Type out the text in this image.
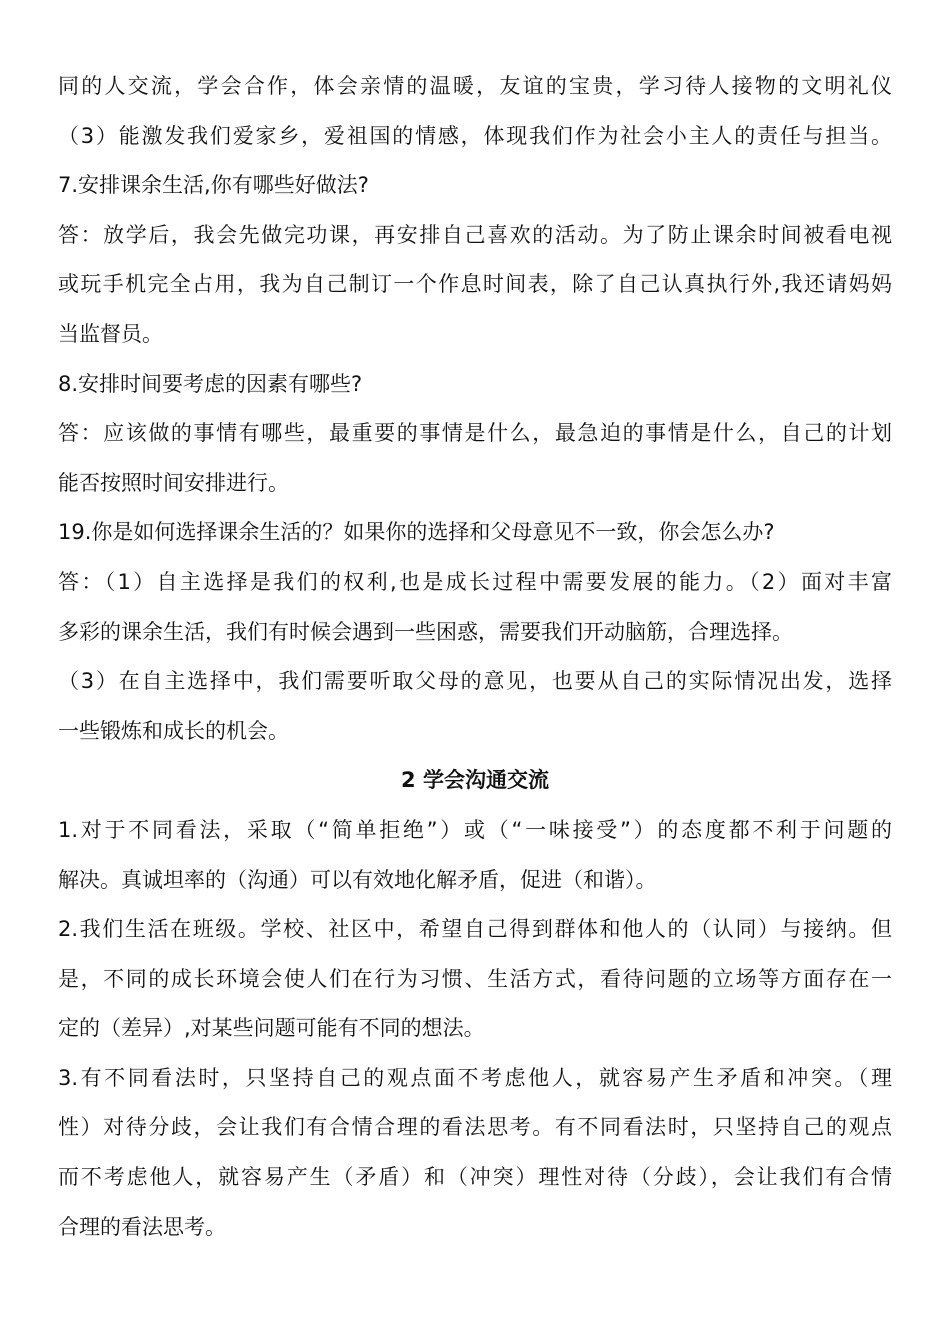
同的人交流，学会合作，体会亲情的温暖，友谊的宝贵，学习待人接物的文明礼仪
（3）能激发我们爱家乡，爱祖国的情感，体现我们作为社会小主人的责任与担当。
7.安排课余生活,你有哪些好做法?
答：放学后，我会先做完功课，再安排自己喜欢的活动。为了防止课余时间被看电视
或玩手机完全占用，我为自己制订一个作息时间表，除了自己认真执行外,我还请妈妈
当监督员。
8.安排时间要考虑的因素有哪些?
答：应该做的事情有哪些，最重要的事情是什么，最急迫的事情是什么，自己的计划
能否按照时间安排进行。
19.你是如何选择课余生活的？如果你的选择和父母意见不一致，你会怎么办?
答：（1）自主选择是我们的权利,也是成长过程中需要发展的能力。（2）面对丰富
多彩的课余生活，我们有时候会遇到一些困惑，需要我们开动脑筋，合理选择。
（3）在自主选择中，我们需要听取父母的意见，也要从自己的实际情况出发，选择
一些锻炼和成长的机会。
2 学会沟通交流
1.对于不同看法，采取（“简单拒绝”）或（“一味接受”）的态度都不利于问题的
解决。真诚坦率的（沟通）可以有效地化解矛盾，促进（和谐）。
2.我们生活在班级。学校、社区中，希望自己得到群体和他人的（认同）与接纳。但
是，不同的成长环境会使人们在行为习惯、生活方式，看待问题的立场等方面存在一
定的（差异）,对某些问题可能有不同的想法。
3.有不同看法时，只坚持自己的观点面不考虑他人，就容易产生矛盾和冲突。（理
性）对待分歧，会让我们有合情合理的看法思考。有不同看法时，只坚持自己的观点
而不考虑他人，就容易产生（矛盾）和（冲突）理性对待（分歧），会让我们有合情
合理的看法思考。
